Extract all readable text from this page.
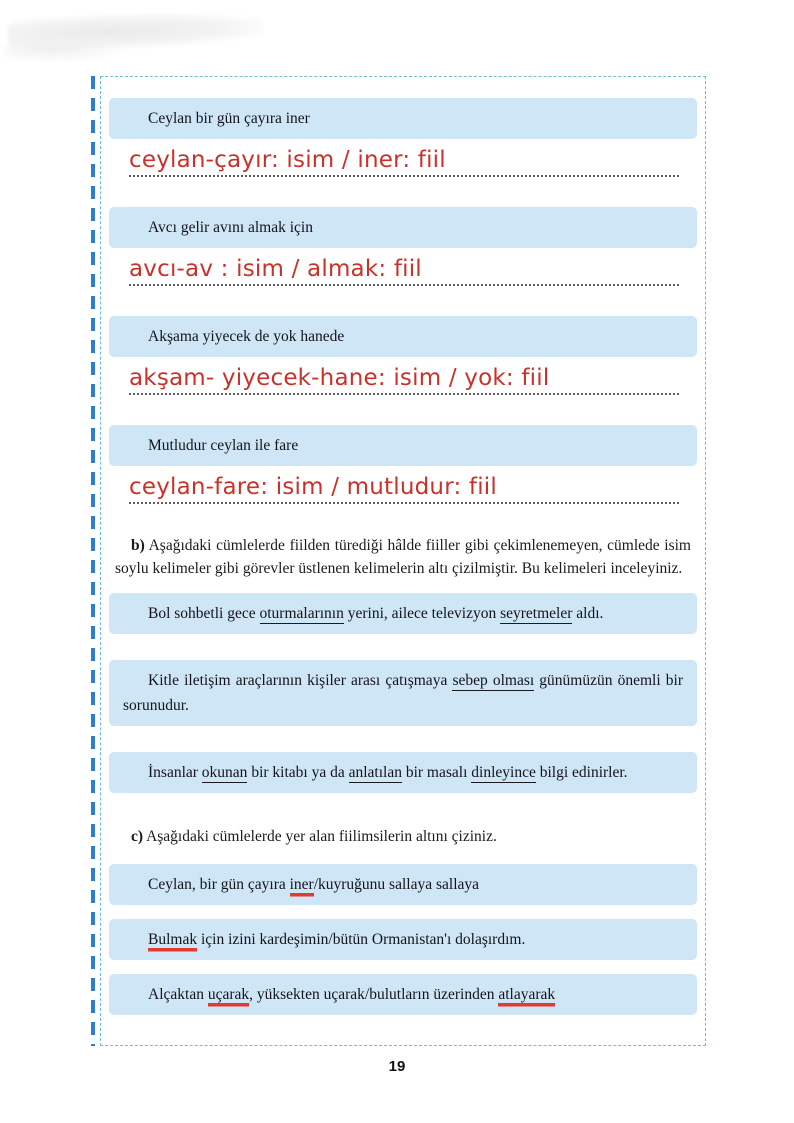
Ceylan bir gün çayıra iner
ceylan-çayır: isim / iner: fiil
Avcı gelir avını almak için
avcı-av : isim / almak: fiil
Akşama yiyecek de yok hanede
akşam- yiyecek-hane: isim / yok: fiil
Mutludur ceylan ile fare
ceylan-fare: isim / mutludur: fiil

b) Aşağıdaki cümlelerde fiilden türediği hâlde fiiller gibi çekimlenemeyen, cümlede isim soylu kelimeler gibi görevler üstlenen kelimelerin altı çizilmiştir. Bu kelimeleri inceleyiniz.

Bol sohbetli gece oturmalarının yerini, ailece televizyon seyretmeler aldı.
Kitle iletişim araçlarının kişiler arası çatışmaya sebep olması günümüzün önemli bir sorunudur.
İnsanlar okunan bir kitabı ya da anlatılan bir masalı dinleyince bilgi edinirler.

c) Aşağıdaki cümlelerde yer alan fiilimsilerin altını çiziniz.

Ceylan, bir gün çayıra iner/kuyruğunu sallaya sallaya
Bulmak için izini kardeşimin/bütün Ormanistan'ı dolaşırdım.
Alçaktan uçarak, yüksekten uçarak/bulutların üzerinden atlayarak
19
